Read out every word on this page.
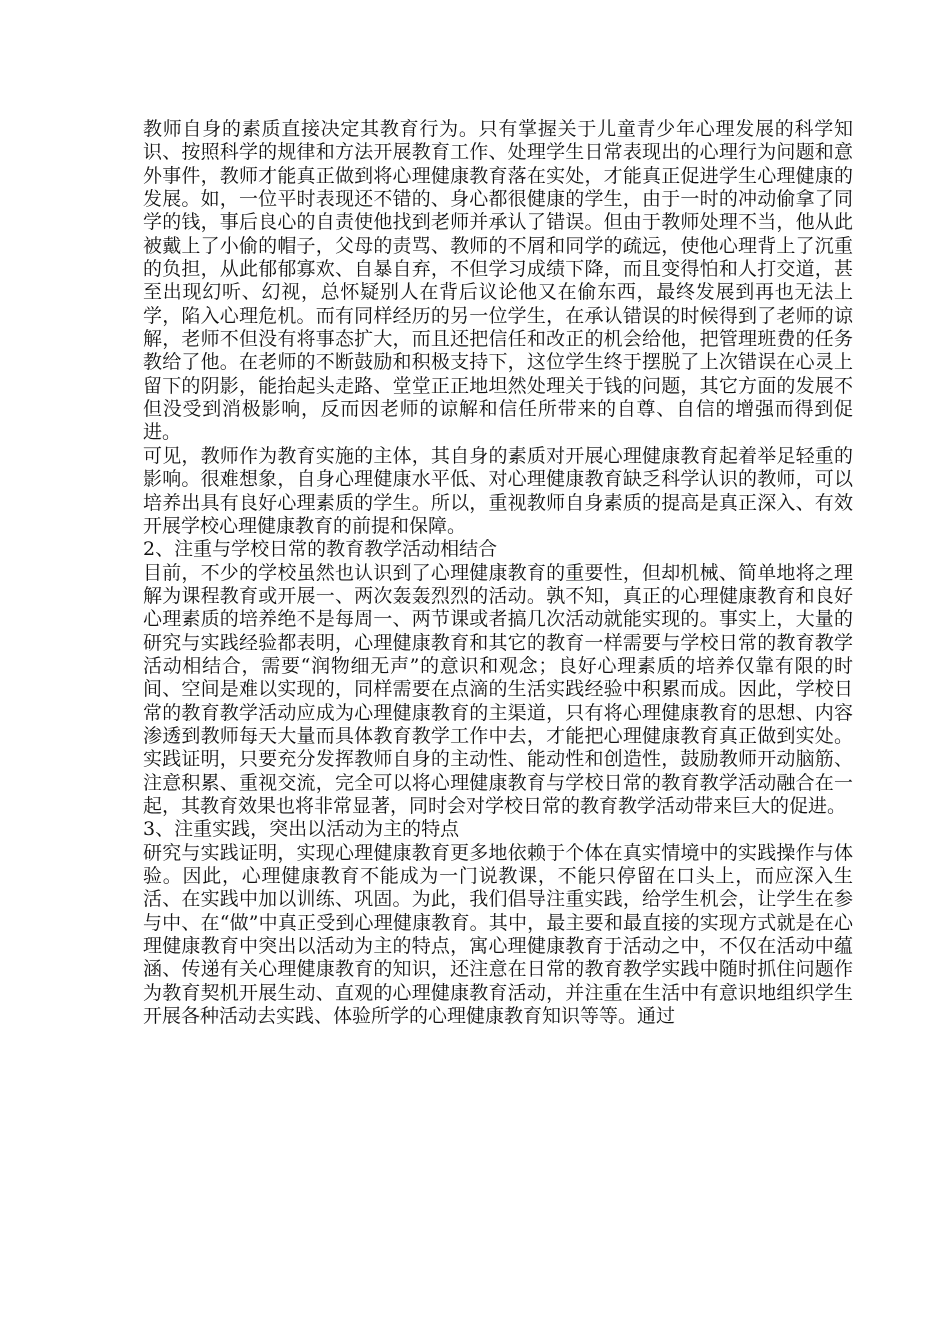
教师自身的素质直接决定其教育行为。只有掌握关于儿童青少年心理发展的科学知识、按照科学的规律和方法开展教育工作、处理学生日常表现出的心理行为问题和意外事件，教师才能真正做到将心理健康教育落在实处，才能真正促进学生心理健康的发展。如，一位平时表现还不错的、身心都很健康的学生，由于一时的冲动偷拿了同学的钱，事后良心的自责使他找到老师并承认了错误。但由于教师处理不当，他从此被戴上了小偷的帽子，父母的责骂、教师的不屑和同学的疏远，使他心理背上了沉重的负担，从此郁郁寡欢、自暴自弃，不但学习成绩下降，而且变得怕和人打交道，甚至出现幻听、幻视，总怀疑别人在背后议论他又在偷东西，最终发展到再也无法上学，陷入心理危机。而有同样经历的另一位学生，在承认错误的时候得到了老师的谅解，老师不但没有将事态扩大，而且还把信任和改正的机会给他，把管理班费的任务教给了他。在老师的不断鼓励和积极支持下，这位学生终于摆脱了上次错误在心灵上留下的阴影，能抬起头走路、堂堂正正地坦然处理关于钱的问题，其它方面的发展不但没受到消极影响，反而因老师的谅解和信任所带来的自尊、自信的增强而得到促进。

可见，教师作为教育实施的主体，其自身的素质对开展心理健康教育起着举足轻重的影响。很难想象，自身心理健康水平低、对心理健康教育缺乏科学认识的教师，可以培养出具有良好心理素质的学生。所以，重视教师自身素质的提高是真正深入、有效开展学校心理健康教育的前提和保障。

2、注重与学校日常的教育教学活动相结合

目前，不少的学校虽然也认识到了心理健康教育的重要性，但却机械、简单地将之理解为课程教育或开展一、两次轰轰烈烈的活动。孰不知，真正的心理健康教育和良好心理素质的培养绝不是每周一、两节课或者搞几次活动就能实现的。事实上，大量的研究与实践经验都表明，心理健康教育和其它的教育一样需要与学校日常的教育教学活动相结合，需要“润物细无声”的意识和观念；良好心理素质的培养仅靠有限的时间、空间是难以实现的，同样需要在点滴的生活实践经验中积累而成。因此，学校日常的教育教学活动应成为心理健康教育的主渠道，只有将心理健康教育的思想、内容渗透到教师每天大量而具体教育教学工作中去，才能把心理健康教育真正做到实处。实践证明，只要充分发挥教师自身的主动性、能动性和创造性，鼓励教师开动脑筋、注意积累、重视交流，完全可以将心理健康教育与学校日常的教育教学活动融合在一起，其教育效果也将非常显著，同时会对学校日常的教育教学活动带来巨大的促进。

3、注重实践，突出以活动为主的特点

研究与实践证明，实现心理健康教育更多地依赖于个体在真实情境中的实践操作与体验。因此，心理健康教育不能成为一门说教课，不能只停留在口头上，而应深入生活、在实践中加以训练、巩固。为此，我们倡导注重实践，给学生机会，让学生在参与中、在“做”中真正受到心理健康教育。其中，最主要和最直接的实现方式就是在心理健康教育中突出以活动为主的特点，寓心理健康教育于活动之中，不仅在活动中蕴涵、传递有关心理健康教育的知识，还注意在日常的教育教学实践中随时抓住问题作为教育契机开展生动、直观的心理健康教育活动，并注重在生活中有意识地组织学生开展各种活动去实践、体验所学的心理健康教育知识等等。通过
